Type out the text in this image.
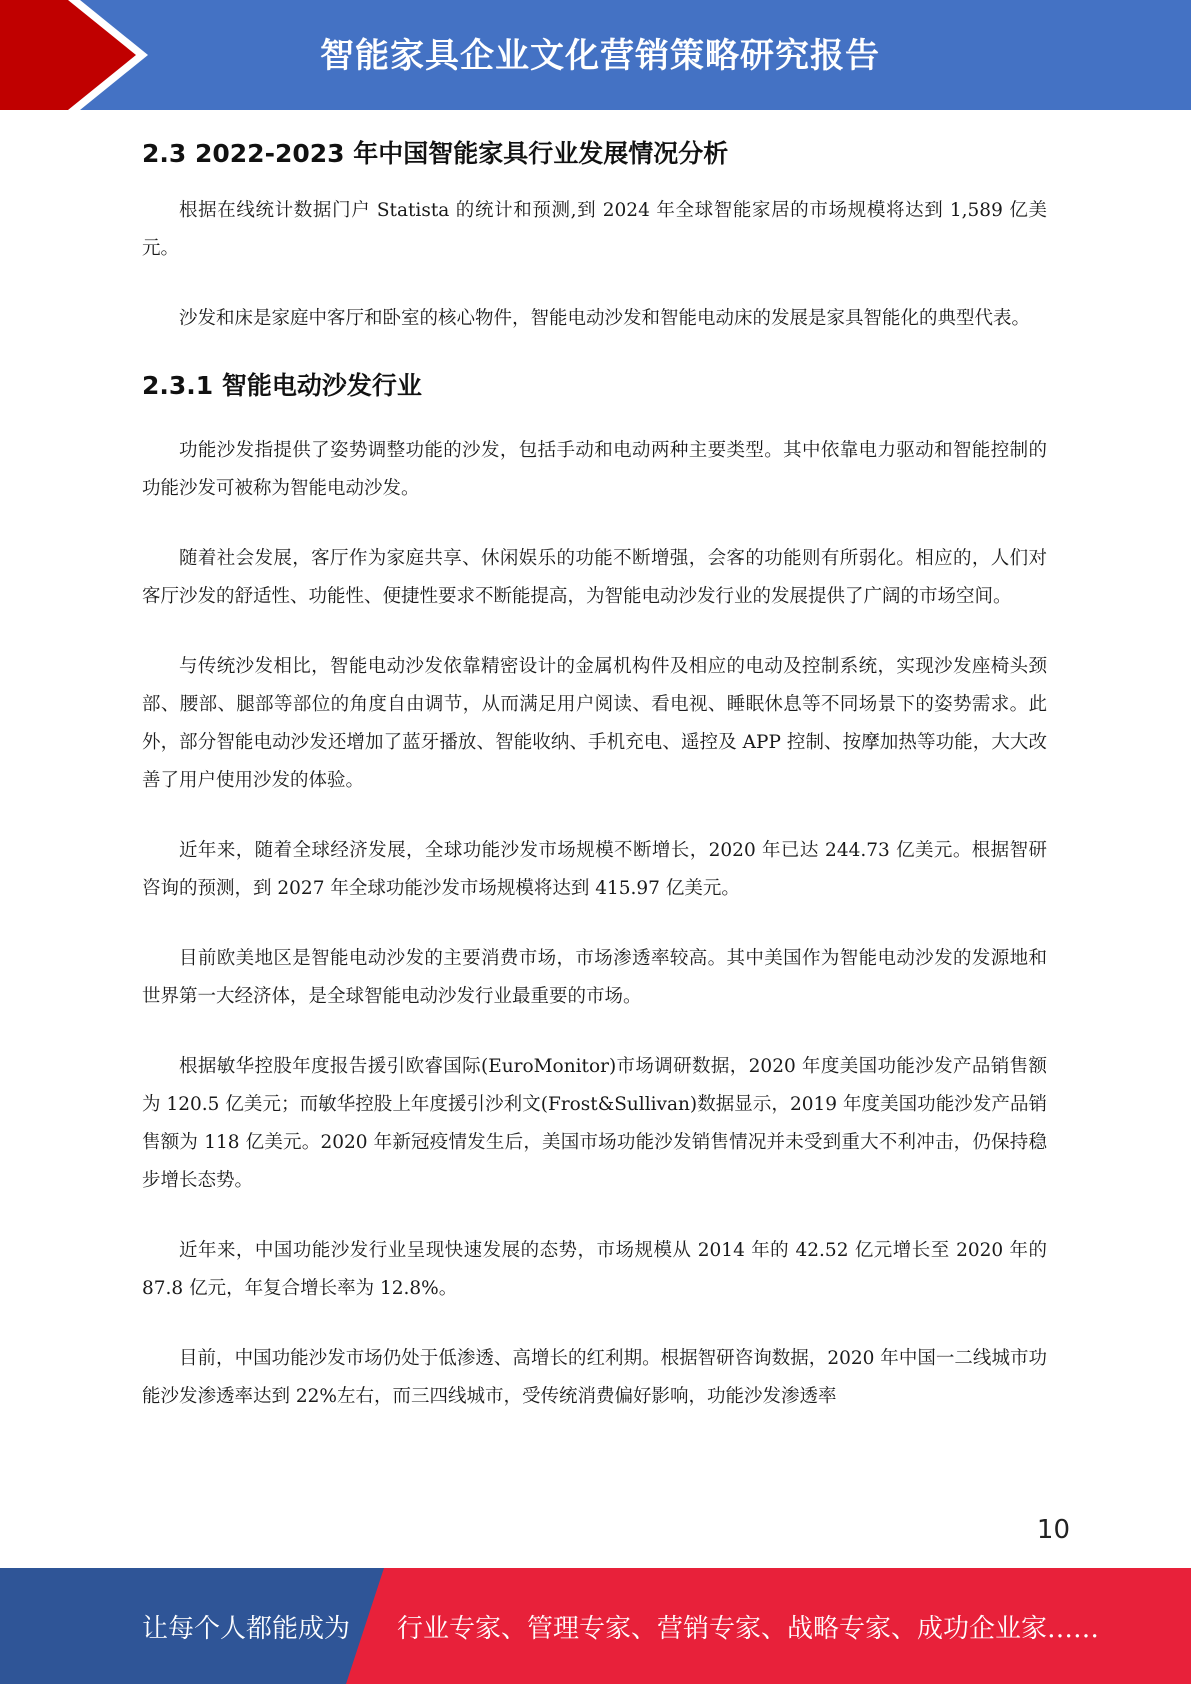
智能家具企业文化营销策略研究报告
2.3 2022-2023 年中国智能家具行业发展情况分析

根据在线统计数据门户 Statista 的统计和预测,到 2024 年全球智能家居的市场规模将达到 1,589 亿美元。

沙发和床是家庭中客厅和卧室的核心物件，智能电动沙发和智能电动床的发展是家具智能化的典型代表。

2.3.1 智能电动沙发行业

功能沙发指提供了姿势调整功能的沙发，包括手动和电动两种主要类型。其中依靠电力驱动和智能控制的功能沙发可被称为智能电动沙发。

随着社会发展，客厅作为家庭共享、休闲娱乐的功能不断增强，会客的功能则有所弱化。相应的，人们对客厅沙发的舒适性、功能性、便捷性要求不断能提高，为智能电动沙发行业的发展提供了广阔的市场空间。

与传统沙发相比，智能电动沙发依靠精密设计的金属机构件及相应的电动及控制系统，实现沙发座椅头颈部、腰部、腿部等部位的角度自由调节，从而满足用户阅读、看电视、睡眠休息等不同场景下的姿势需求。此外，部分智能电动沙发还增加了蓝牙播放、智能收纳、手机充电、遥控及 APP 控制、按摩加热等功能，大大改善了用户使用沙发的体验。

近年来，随着全球经济发展，全球功能沙发市场规模不断增长，2020 年已达 244.73 亿美元。根据智研咨询的预测，到 2027 年全球功能沙发市场规模将达到 415.97 亿美元。

目前欧美地区是智能电动沙发的主要消费市场，市场渗透率较高。其中美国作为智能电动沙发的发源地和世界第一大经济体，是全球智能电动沙发行业最重要的市场。

根据敏华控股年度报告援引欧睿国际(EuroMonitor)市场调研数据，2020 年度美国功能沙发产品销售额为 120.5 亿美元；而敏华控股上年度援引沙利文(Frost&Sullivan)数据显示，2019 年度美国功能沙发产品销售额为 118 亿美元。2020 年新冠疫情发生后，美国市场功能沙发销售情况并未受到重大不利冲击，仍保持稳步增长态势。

近年来，中国功能沙发行业呈现快速发展的态势，市场规模从 2014 年的 42.52 亿元增长至 2020 年的 87.8 亿元，年复合增长率为 12.8%。

目前，中国功能沙发市场仍处于低渗透、高增长的红利期。根据智研咨询数据，2020 年中国一二线城市功能沙发渗透率达到 22%左右，而三四线城市，受传统消费偏好影响，功能沙发渗透率

10
让每个人都能成为 行业专家、管理专家、营销专家、战略专家、成功企业家……
